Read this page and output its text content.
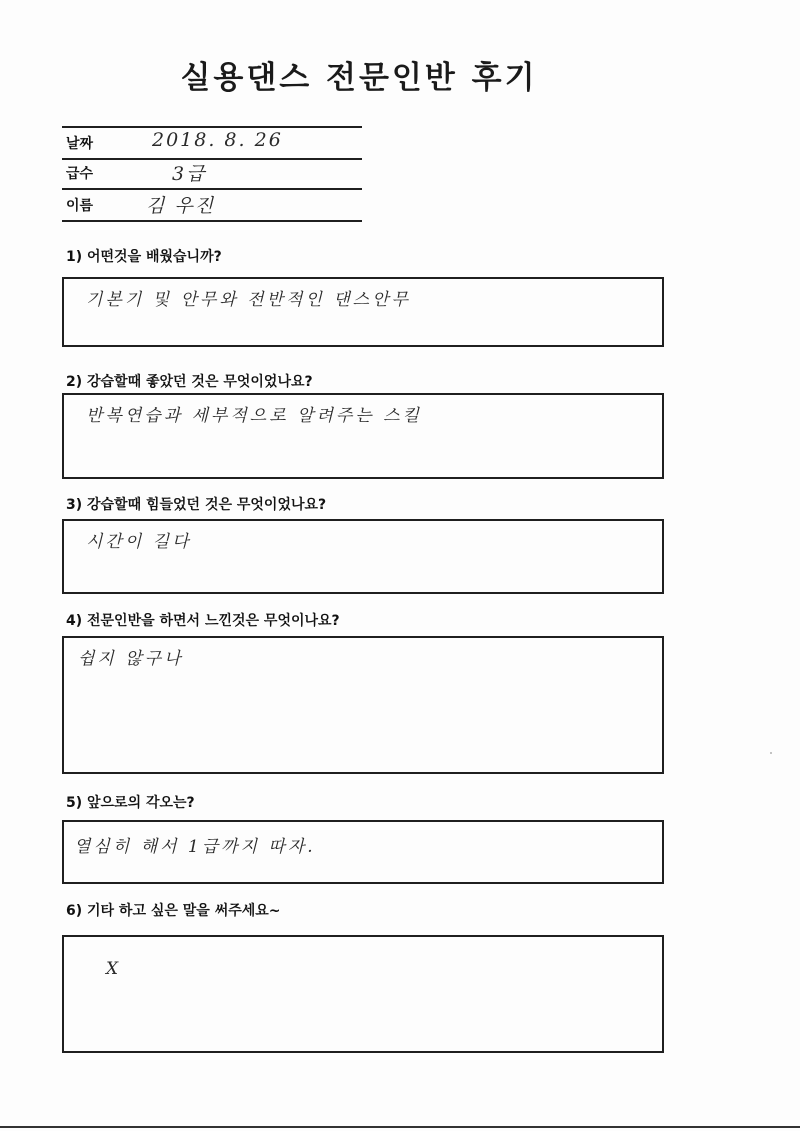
실용댄스 전문인반 후기
날짜	2018. 8. 26
급수	3급
이름	김 우진
1) 어떤것을 배웠습니까?
기본기 및 안무와 전반적인 댄스안무
2) 강습할때 좋았던 것은 무엇이었나요?
반복연습과 세부적으로 알려주는 스킬
3) 강습할때 힘들었던 것은 무엇이었나요?
시간이 길다
4) 전문인반을 하면서 느낀것은 무엇이나요?
쉽지 않구나
5) 앞으로의 각오는?
열심히 해서 1급까지 따자.
6) 기타 하고 싶은 말을 써주세요~
X
